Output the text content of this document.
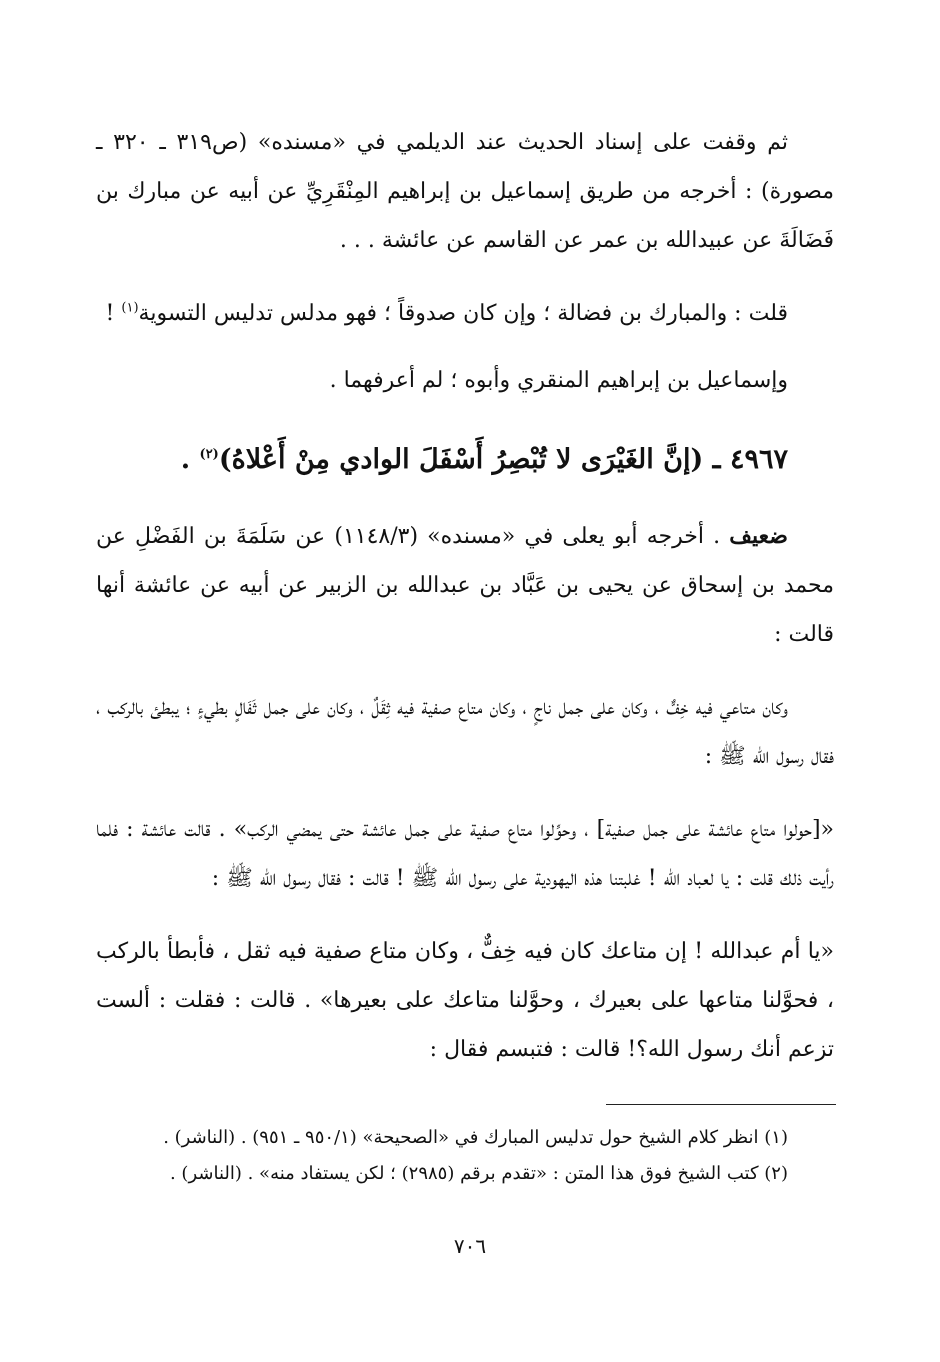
ثم وقفت على إسناد الحديث عند الديلمي في «مسنده» (ص٣١٩ ـ ٣٢٠ ـ مصورة) : أخرجه من طريق إسماعيل بن إبراهيم المِنْقَرِيِّ عن أبيه عن مبارك بن فَضَالَةَ عن عبيدالله بن عمر عن القاسم عن عائشة . . .

قلت : والمبارك بن فضالة ؛ وإن كان صدوقاً ؛ فهو مدلس تدليس التسوية$^{(١)}$ !

وإسماعيل بن إبراهيم المنقري وأبوه ؛ لم أعرفهما .

٤٩٦٧ ـ (إنَّ الغَيْرَى لا تُبْصِرُ أَسْفَلَ الوادي مِنْ أَعْلاهُ)$^{(٢)}$ .

ضعيف . أخرجه أبو يعلى في «مسنده» (١١٤٨/٣) عن سَلَمَةَ بن الفَضْلِ عن محمد بن إسحاق عن يحيى بن عَبَّاد بن عبدالله بن الزبير عن أبيه عن عائشة أنها قالت :

وكان متاعي فيه خِفٌّ ، وكان على جمل ناجٍ ، وكان متاع صفية فيه ثِقَلٌ ، وكان على جمل ثَفَالٍ بطيءٍ ؛ يبطئ بالركب ، فقال رسول الله ﷺ :

«[حولوا متاع عائشة على جمل صفية] ، وحوِّلوا متاع صفية على جمل عائشة حتى يمضي الركب» . قالت عائشة : فلما رأيت ذلك قلت : يا لعباد الله ! غلبتنا هذه اليهودية على رسول الله ﷺ ! قالت : فقال رسول الله ﷺ :

«يا أم عبدالله ! إن متاعك كان فيه خِفٌّ ، وكان متاع صفية فيه ثقل ، فأبطأ بالركب ، فحوَّلنا متاعها على بعيرك ، وحوَّلنا متاعك على بعيرها» . قالت : فقلت : ألست تزعم أنك رسول الله؟! قالت : فتبسم فقال :

(١) انظر كلام الشيخ حول تدليس المبارك في «الصحيحة» (٩٥٠/١ ـ ٩٥١) . (الناشر) .

(٢) كتب الشيخ فوق هذا المتن : «تقدم برقم (٢٩٨٥) ؛ لكن يستفاد منه» . (الناشر) .

٧٠٦
